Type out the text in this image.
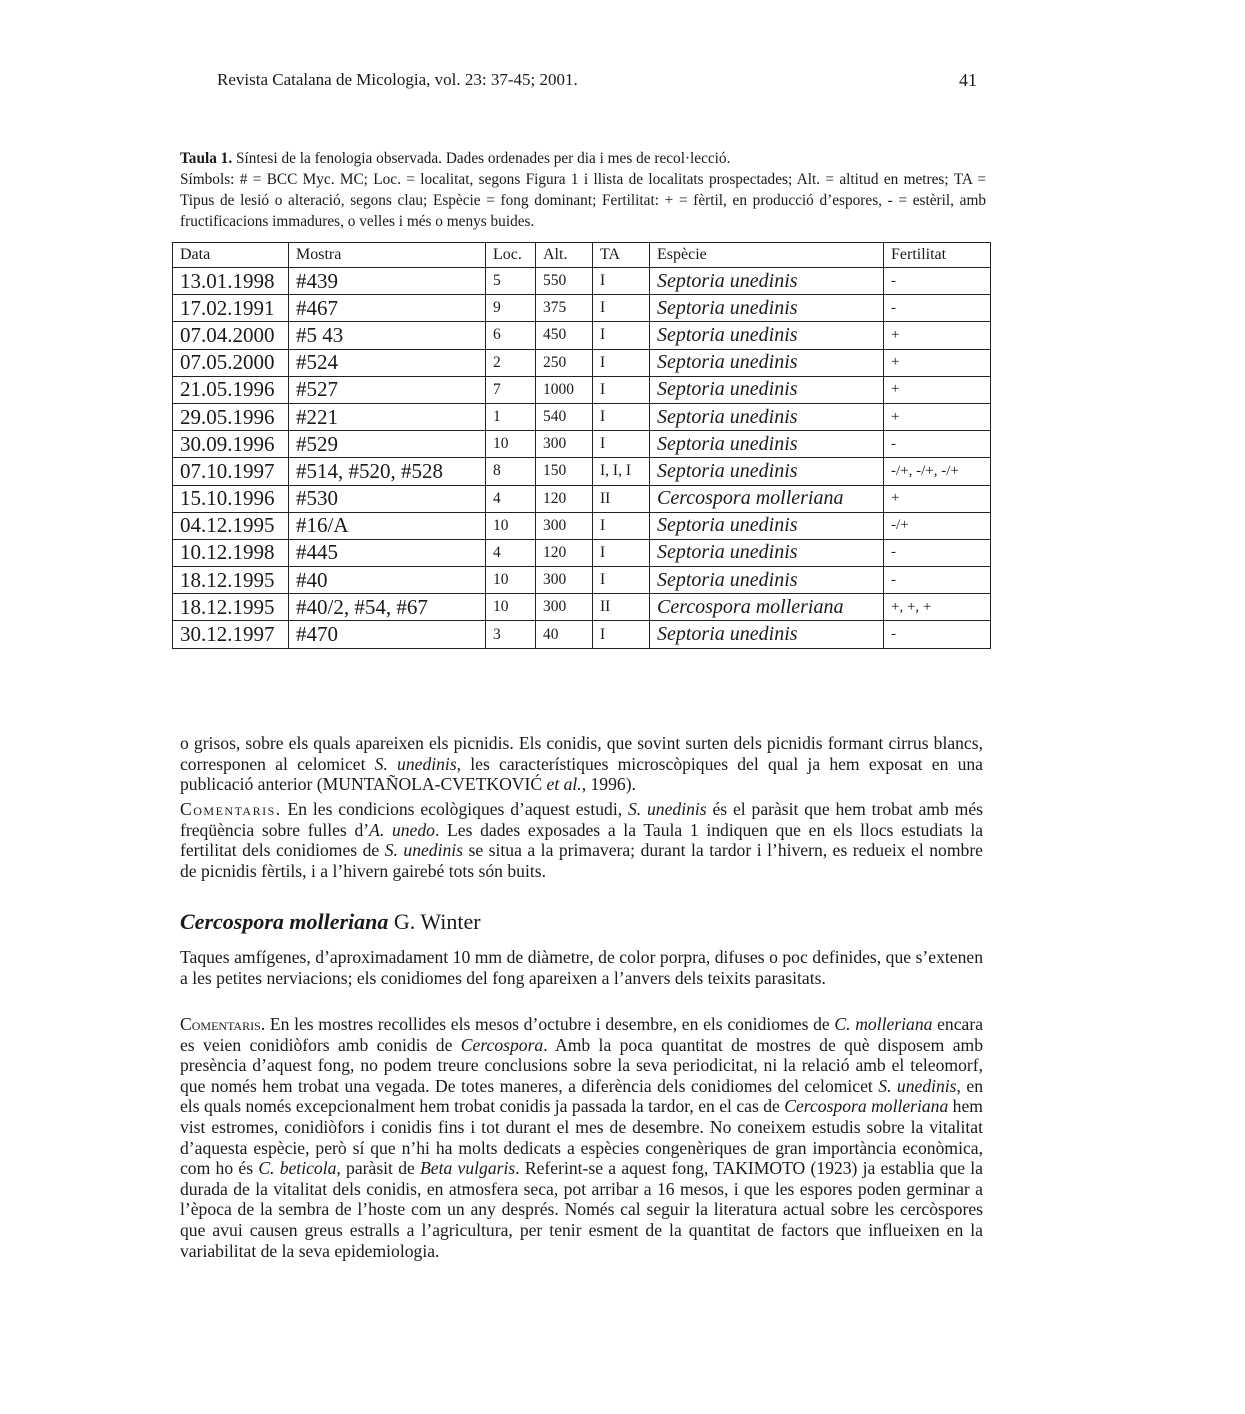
Revista Catalana de Micologia, vol. 23: 37-45; 2001.	41
Taula 1. Síntesi de la fenologia observada. Dades ordenades per dia i mes de recol·lecció.
Símbols: # = BCC Myc. MC; Loc. = localitat, segons Figura 1 i llista de localitats prospectades; Alt. = altitud en metres; TA = Tipus de lesió o alteració, segons clau; Espècie = fong dominant; Fertilitat: + = fèrtil, en producció d’espores, - = estèril, amb fructificacions immadures, o velles i més o menys buides.
Data	Mostra	Loc.	Alt.	TA	Espècie	Fertilitat
13.01.1998	#439	5	550	I	Septoria unedinis	-
17.02.1991	#467	9	375	I	Septoria unedinis	-
07.04.2000	#5 43	6	450	I	Septoria unedinis	+
07.05.2000	#524	2	250	I	Septoria unedinis	+
21.05.1996	#527	7	1000	I	Septoria unedinis	+
29.05.1996	#221	1	540	I	Septoria unedinis	+
30.09.1996	#529	10	300	I	Septoria unedinis	-
07.10.1997	#514, #520, #528	8	150	I, I, I	Septoria unedinis	-/+, -/+, -/+
15.10.1996	#530	4	120	II	Cercospora molleriana	+
04.12.1995	#16/A	10	300	I	Septoria unedinis	-/+
10.12.1998	#445	4	120	I	Septoria unedinis	-
18.12.1995	#40	10	300	I	Septoria unedinis	-
18.12.1995	#40/2, #54, #67	10	300	II	Cercospora molleriana	+, +, +
30.12.1997	#470	3	40	I	Septoria unedinis	-

o grisos, sobre els quals apareixen els picnidis. Els conidis, que sovint surten dels picnidis formant cirrus blancs, corresponen al celomicet S. unedinis, les característiques microscòpiques del qual ja hem exposat en una publicació anterior (MUNTAÑOLA-CVETKOVIĆ et al., 1996).

Comentaris. En les condicions ecològiques d’aquest estudi, S. unedinis és el paràsit que hem trobat amb més freqüència sobre fulles d’A. unedo. Les dades exposades a la Taula 1 indiquen que en els llocs estudiats la fertilitat dels conidiomes de S. unedinis se situa a la primavera; durant la tardor i l’hivern, es redueix el nombre de picnidis fèrtils, i a l’hivern gairebé tots són buits.

Cercospora molleriana G. Winter

Taques amfígenes, d’aproximadament 10 mm de diàmetre, de color porpra, difuses o poc definides, que s’extenen a les petites nerviacions; els conidiomes del fong apareixen a l’anvers dels teixits parasitats.

Comentaris. En les mostres recollides els mesos d’octubre i desembre, en els conidiomes de C. molleriana encara es veien conidiòfors amb conidis de Cercospora. Amb la poca quantitat de mostres de què disposem amb presència d’aquest fong, no podem treure conclusions sobre la seva periodicitat, ni la relació amb el teleomorf, que només hem trobat una vegada. De totes maneres, a diferència dels conidiomes del celomicet S. unedinis, en els quals només excepcionalment hem trobat conidis ja passada la tardor, en el cas de Cercospora molleriana hem vist estromes, conidiòfors i conidis fins i tot durant el mes de desembre. No coneixem estudis sobre la vitalitat d’aquesta espècie, però sí que n’hi ha molts dedicats a espècies congenèriques de gran importància econòmica, com ho és C. beticola, paràsit de Beta vulgaris. Referint-se a aquest fong, TAKIMOTO (1923) ja establia que la durada de la vitalitat dels conidis, en atmosfera seca, pot arribar a 16 mesos, i que les espores poden germinar a l’època de la sembra de l’hoste com un any després. Només cal seguir la literatura actual sobre les cercòspores que avui causen greus estralls a l’agricultura, per tenir esment de la quantitat de factors que influeixen en la variabilitat de la seva epidemiologia.
